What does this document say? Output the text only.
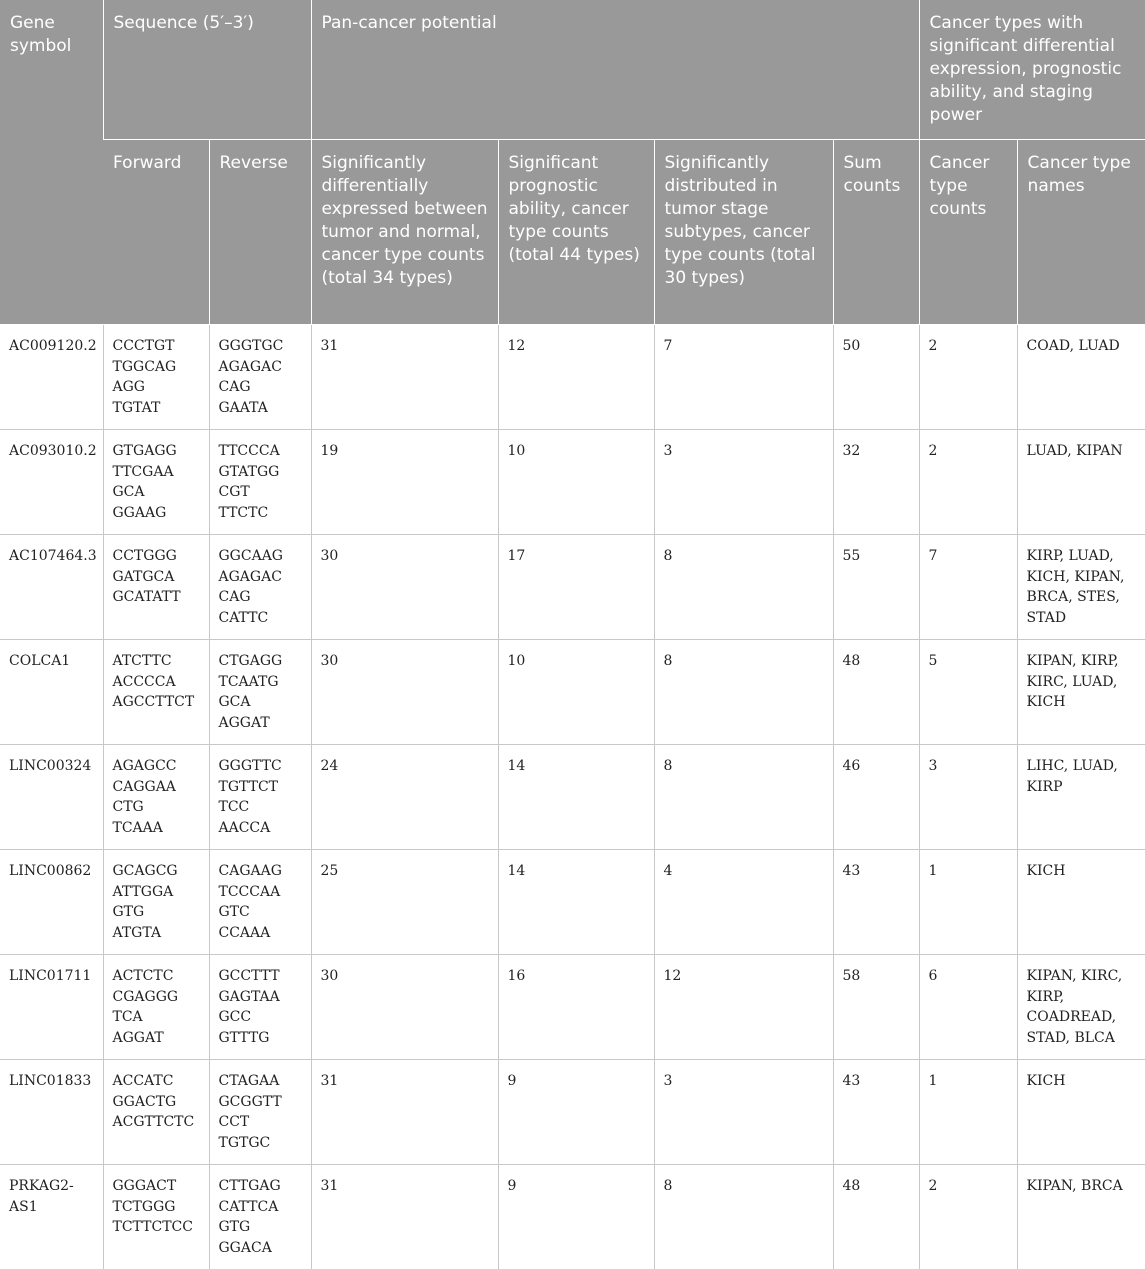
Gene symbol	Sequence (5′–3′)		Pan-cancer potential				Cancer types with significant differential expression, prognostic ability, and staging power	
	Forward	Reverse	Significantly differentially expressed between tumor and normal, cancer type counts (total 34 types)	Significant prognostic ability, cancer type counts (total 44 types)	Significantly distributed in tumor stage subtypes, cancer type counts (total 30 types)	Sum counts	Cancer type counts	Cancer type names
AC009120.2	CCCTGT
TGGCAG
AGG
TGTAT	GGGTGC
AGAGAC
CAG
GAATA	31	12	7	50	2	COAD, LUAD
AC093010.2	GTGAGG
TTCGAA
GCA
GGAAG	TTCCCA
GTATGG
CGT
TTCTC	19	10	3	32	2	LUAD, KIPAN
AC107464.3	CCTGGG
GATGCA
GCATATT	GGCAAG
AGAGAC
CAG
CATTC	30	17	8	55	7	KIRP, LUAD, KICH, KIPAN, BRCA, STES, STAD
COLCA1	ATCTTC
ACCCCA
AGCCTTCT	CTGAGG
TCAATG
GCA
AGGAT	30	10	8	48	5	KIPAN, KIRP, KIRC, LUAD, KICH
LINC00324	AGAGCC
CAGGAA
CTG
TCAAA	GGGTTC
TGTTCT
TCC
AACCA	24	14	8	46	3	LIHC, LUAD, KIRP
LINC00862	GCAGCG
ATTGGA
GTG
ATGTA	CAGAAG
TCCCAA
GTC
CCAAA	25	14	4	43	1	KICH
LINC01711	ACTCTC
CGAGGG
TCA
AGGAT	GCCTTT
GAGTAA
GCC
GTTTG	30	16	12	58	6	KIPAN, KIRC, KIRP, COADREAD, STAD, BLCA
LINC01833	ACCATC
GGACTG
ACGTTCTC	CTAGAA
GCGGTT
CCT
TGTGC	31	9	3	43	1	KICH
PRKAG2-AS1	GGGACT
TCTGGG
TCTTCTCC	CTTGAG
CATTCA
GTG
GGACA	31	9	8	48	2	KIPAN, BRCA
